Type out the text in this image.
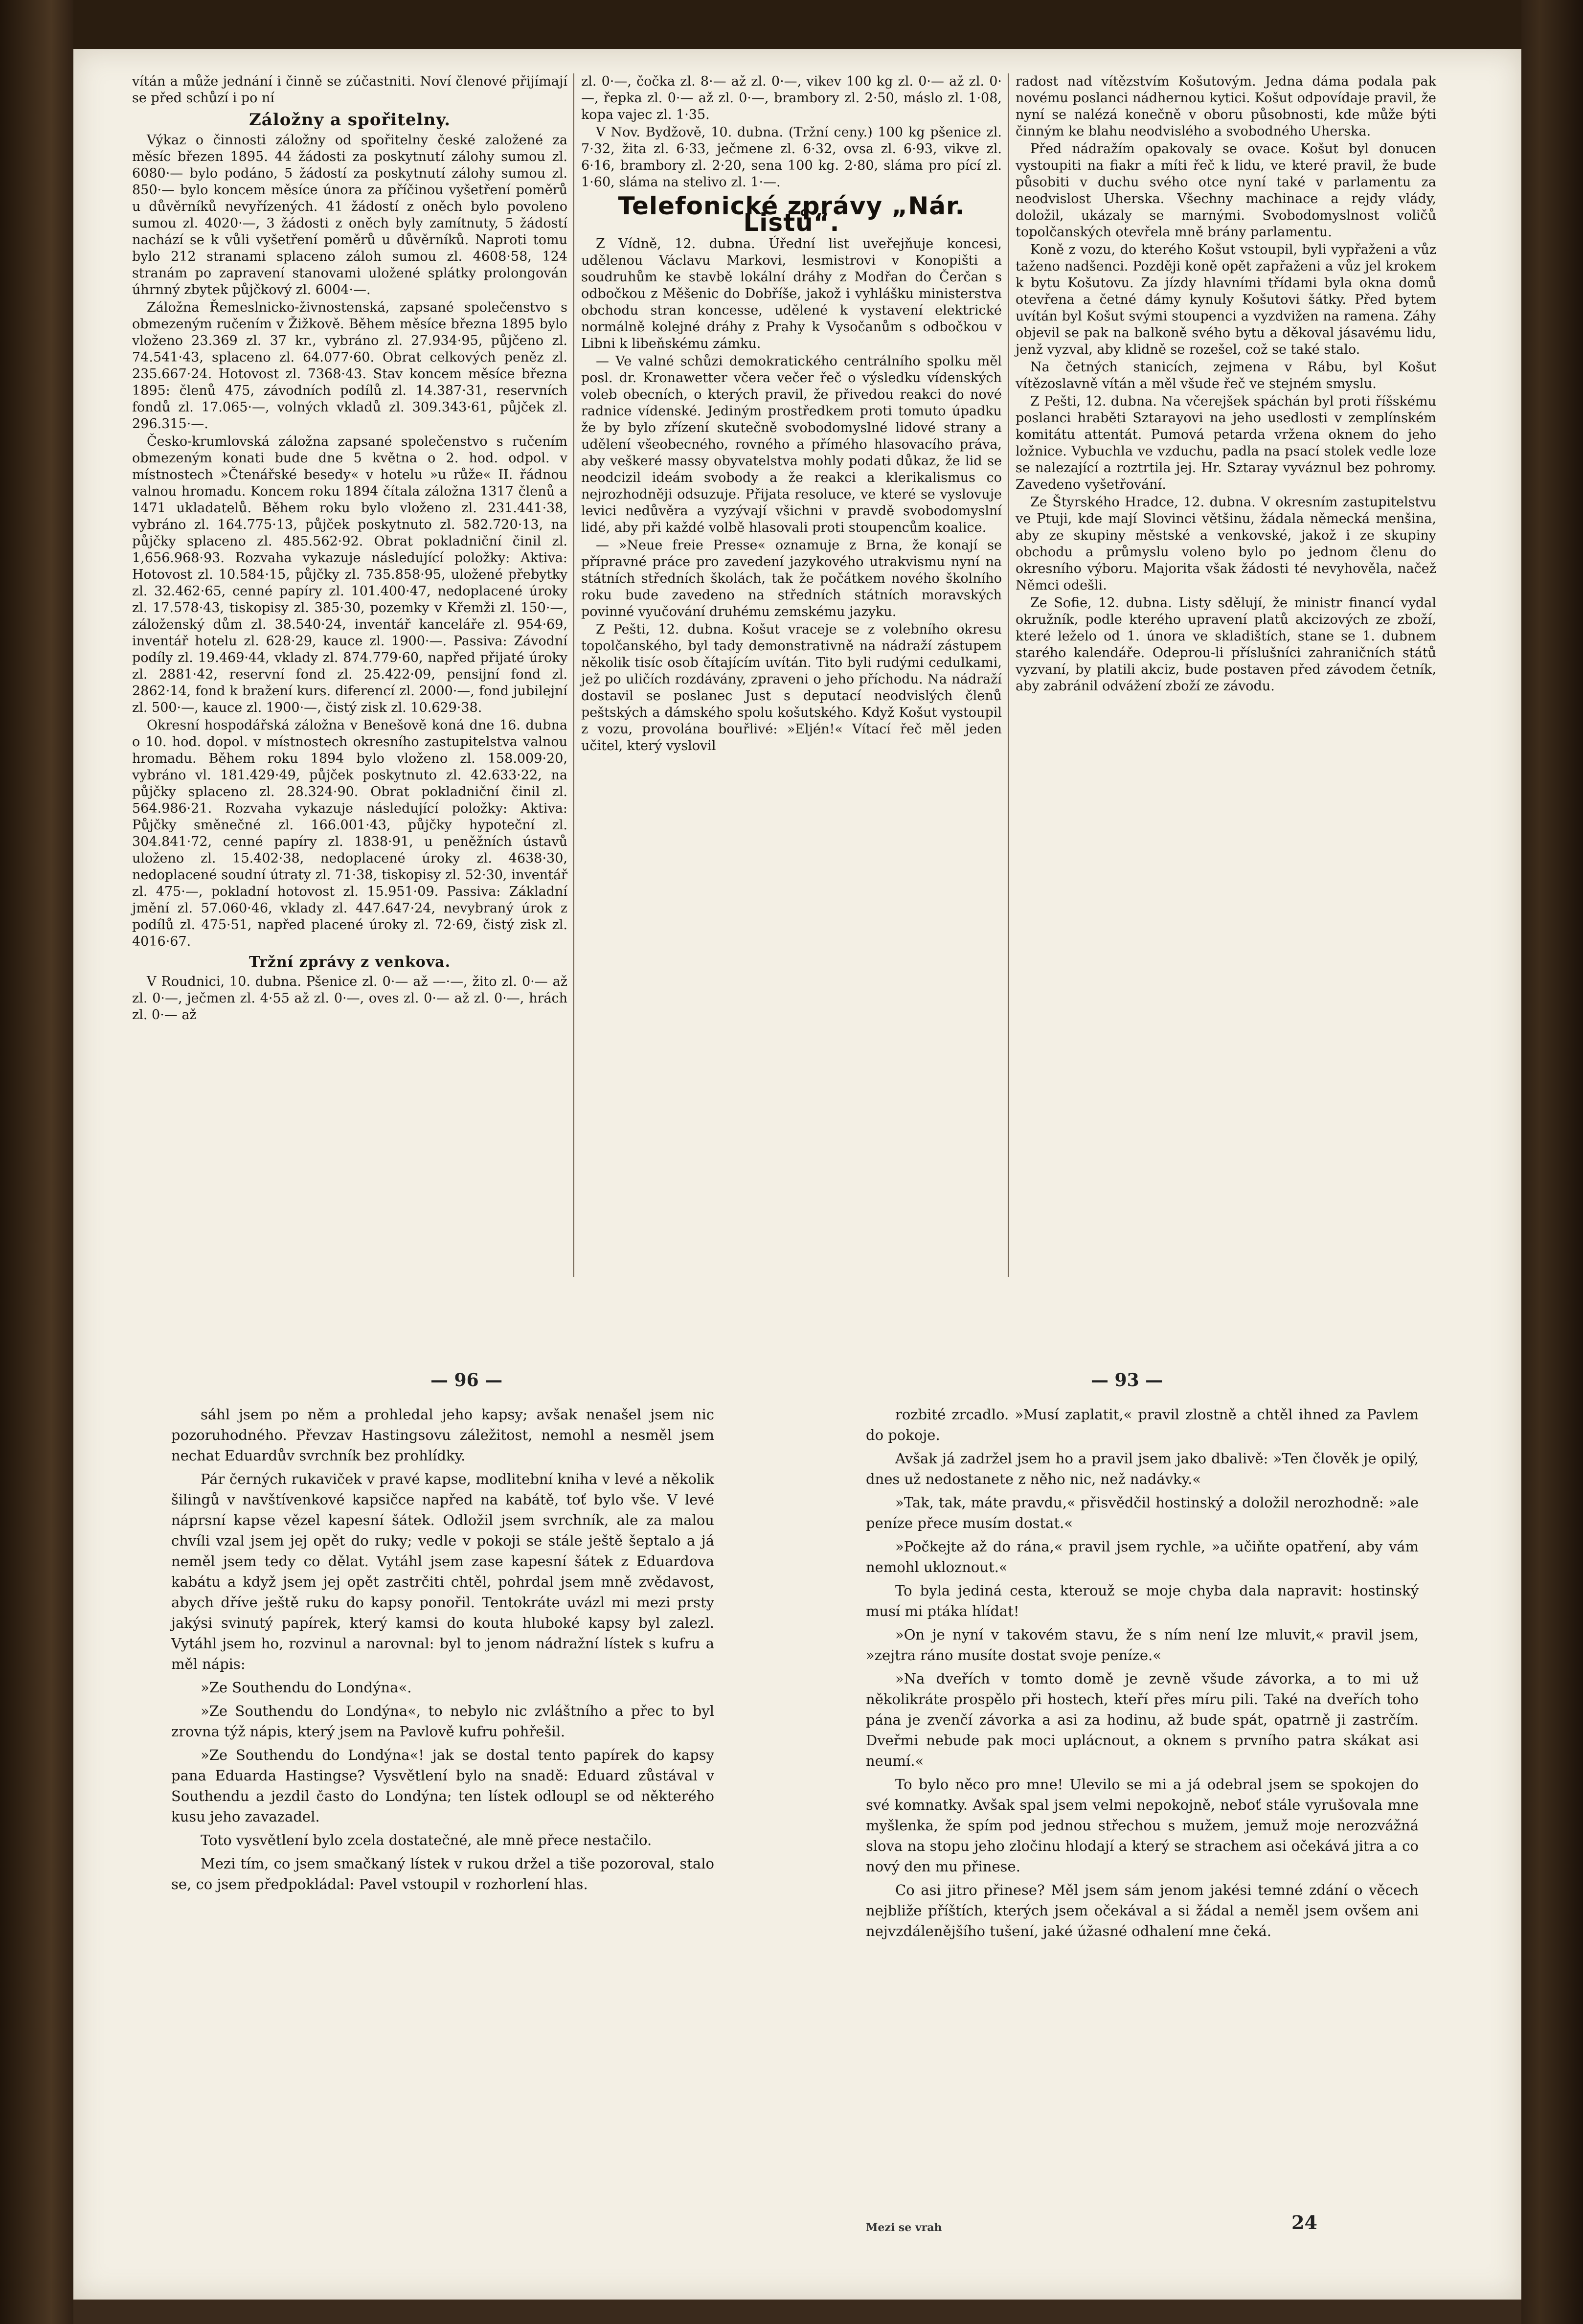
vítán a může jednání i činně se zúčastniti. Noví členové přijímají se před schůzí i po ní

Záložny a spořitelny.

Výkaz o činnosti záložny od spořitelny české založené za měsíc březen 1895. 44 žádosti za poskytnutí zálohy sumou zl. 6080·— bylo podáno, 5 žádostí za poskytnutí zálohy sumou zl. 850·— bylo koncem měsíce února za příčinou vyšetření poměrů u důvěrníků nevyřízených. 41 žádostí z oněch bylo povoleno sumou zl. 4020·—, 3 žádosti z oněch byly zamítnuty, 5 žádostí nachází se k vůli vyšetření poměrů u důvěrníků. Naproti tomu bylo 212 stranami splaceno záloh sumou zl. 4608·58, 124 stranám po zapravení stanovami uložené splátky prolongován úhrnný zbytek půjčkový zl. 6004·—.

Záložna Řemeslnicko-živnostenská, zapsané společenstvo s obmezeným ručením v Žižkově. Během měsíce března 1895 bylo vloženo 23.369 zl. 37 kr., vybráno zl. 27.934·95, půjčeno zl. 74.541·43, splaceno zl. 64.077·60. Obrat celkových peněz zl. 235.667·24. Hotovost zl. 7368·43. Stav koncem měsíce března 1895: členů 475, závodních podílů zl. 14.387·31, reservních fondů zl. 17.065·—, volných vkladů zl. 309.343·61, půjček zl. 296.315·—.

Česko-krumlovská záložna zapsané společenstvo s ručením obmezeným konati bude dne 5 května o 2. hod. odpol. v místnostech »Čtenářské besedy« v hotelu »u růže« II. řádnou valnou hromadu. Koncem roku 1894 čítala záložna 1317 členů a 1471 ukladatelů. Během roku bylo vloženo zl. 231.441·38, vybráno zl. 164.775·13, půjček poskytnuto zl. 582.720·13, na půjčky splaceno zl. 485.562·92. Obrat pokladniční činil zl. 1,656.968·93. Rozvaha vykazuje následující položky: Aktiva: Hotovost zl. 10.584·15, půjčky zl. 735.858·95, uložené přebytky zl. 32.462·65, cenné papíry zl. 101.400·47, nedoplacené úroky zl. 17.578·43, tiskopisy zl. 385·30, pozemky v Křemži zl. 150·—, záloženský dům zl. 38.540·24, inventář kanceláře zl. 954·69, inventář hotelu zl. 628·29, kauce zl. 1900·—. Passiva: Závodní podíly zl. 19.469·44, vklady zl. 874.779·60, napřed přijaté úroky zl. 2881·42, reservní fond zl. 25.422·09, pensijní fond zl. 2862·14, fond k bražení kurs. diferencí zl. 2000·—, fond jubilejní zl. 500·—, kauce zl. 1900·—, čistý zisk zl. 10.629·38.

Okresní hospodářská záložna v Benešově koná dne 16. dubna o 10. hod. dopol. v místnostech okresního zastupitelstva valnou hromadu. Během roku 1894 bylo vloženo zl. 158.009·20, vybráno vl. 181.429·49, půjček poskytnuto zl. 42.633·22, na půjčky splaceno zl. 28.324·90. Obrat pokladniční činil zl. 564.986·21. Rozvaha vykazuje následující položky: Aktiva: Půjčky směnečné zl. 166.001·43, půjčky hypoteční zl. 304.841·72, cenné papíry zl. 1838·91, u peněžních ústavů uloženo zl. 15.402·38, nedoplacené úroky zl. 4638·30, nedoplacené soudní útraty zl. 71·38, tiskopisy zl. 52·30, inventář zl. 475·—, pokladní hotovost zl. 15.951·09. Passiva: Základní jmění zl. 57.060·46, vklady zl. 447.647·24, nevybraný úrok z podílů zl. 475·51, napřed placené úroky zl. 72·69, čistý zisk zl. 4016·67.

Tržní zprávy z venkova.

V Roudnici, 10. dubna. Pšenice zl. 0·— až —·—, žito zl. 0·— až zl. 0·—, ječmen zl. 4·55 až zl. 0·—, oves zl. 0·— až zl. 0·—, hrách zl. 0·— až

zl. 0·—, čočka zl. 8·— až zl. 0·—, vikev 100 kg zl. 0·— až zl. 0·—, řepka zl. 0·— až zl. 0·—, brambory zl. 2·50, máslo zl. 1·08, kopa vajec zl. 1·35.

V Nov. Bydžově, 10. dubna. (Tržní ceny.) 100 kg pšenice zl. 7·32, žita zl. 6·33, ječmene zl. 6·32, ovsa zl. 6·93, vikve zl. 6·16, brambory zl. 2·20, sena 100 kg. 2·80, sláma pro pící zl. 1·60, sláma na stelivo zl. 1·—.

Telefonické zprávy „Nár. Listů“.

Z Vídně, 12. dubna. Úřední list uveřejňuje koncesi, udělenou Václavu Markovi, lesmistrovi v Konopišti a soudruhům ke stavbě lokální dráhy z Modřan do Čerčan s odbočkou z Měšenic do Dobříše, jakož i vyhlášku ministerstva obchodu stran koncesse, udělené k vystavení elektrické normálně kolejné dráhy z Prahy k Vysočanům s odbočkou v Libni k libeňskému zámku.

— Ve valné schůzi demokratického centrálního spolku měl posl. dr. Kronawetter včera večer řeč o výsledku vídenských voleb obecních, o kterých pravil, že přivedou reakci do nové radnice vídenské. Jediným prostředkem proti tomuto úpadku že by bylo zřízení skutečně svobodomyslné lidové strany a udělení všeobecného, rovného a přímého hlasovacího práva, aby veškeré massy obyvatelstva mohly podati důkaz, že lid se neodcizil ideám svobody a že reakci a klerikalismus co nejrozhodněji odsuzuje. Přijata resoluce, ve které se vyslovuje levici nedůvěra a vyzývají všichni v pravdě svobodomyslní lidé, aby při každé volbě hlasovali proti stoupencům koalice.

— »Neue freie Presse« oznamuje z Brna, že konají se přípravné práce pro zavedení jazykového utrakvismu nyní na státních středních školách, tak že počátkem nového školního roku bude zavedeno na středních státních moravských povinné vyučování druhému zemskému jazyku.

Z Pešti, 12. dubna. Košut vraceje se z volebního okresu topolčanského, byl tady demonstrativně na nádraží zástupem několik tisíc osob čítajícím uvítán. Tito byli rudými cedulkami, jež po uličích rozdávány, zpraveni o jeho příchodu. Na nádraží dostavil se poslanec Just s deputací neodvislých členů peštských a dámského spolu košutského. Když Košut vystoupil z vozu, provolána bouřlivé: »Eljén!« Vítací řeč měl jeden učitel, který vyslovil

radost nad vítězstvím Košutovým. Jedna dáma podala pak novému poslanci nádhernou kytici. Košut odpovídaje pravil, že nyní se nalézá konečně v oboru působnosti, kde může býti činným ke blahu neodvislého a svobodného Uherska.

Před nádražím opakovaly se ovace. Košut byl donucen vystoupiti na fiakr a míti řeč k lidu, ve které pravil, že bude působiti v duchu svého otce nyní také v parlamentu za neodvislost Uherska. Všechny machinace a rejdy vlády, doložil, ukázaly se marnými. Svobodomyslnost voličů topolčanských otevřela mně brány parlamentu.

Koně z vozu, do kterého Košut vstoupil, byli vypřaženi a vůz taženo nadšenci. Později koně opět zapřaženi a vůz jel krokem k bytu Košutovu. Za jízdy hlavními třídami byla okna domů otevřena a četné dámy kynuly Košutovi šátky. Před bytem uvítán byl Košut svými stoupenci a vyzdvižen na ramena. Záhy objevil se pak na balkoně svého bytu a děkoval jásavému lidu, jenž vyzval, aby klidně se rozešel, což se také stalo.

Na četných stanicích, zejmena v Rábu, byl Košut vítězoslavně vítán a měl všude řeč ve stejném smyslu.

Z Pešti, 12. dubna. Na včerejšek spáchán byl proti říšskému poslanci hraběti Sztarayovi na jeho usedlosti v zemplínském komitátu attentát. Pumová petarda vržena oknem do jeho ložnice. Vybuchla ve vzduchu, padla na psací stolek vedle loze se nalezající a roztrtila jej. Hr. Sztaray vyváznul bez pohromy. Zavedeno vyšetřování.

Ze Štyrského Hradce, 12. dubna. V okresním zastupitelstvu ve Ptuji, kde mají Slovinci většinu, žádala německá menšina, aby ze skupiny městské a venkovské, jakož i ze skupiny obchodu a průmyslu voleno bylo po jednom členu do okresního výboru. Majorita však žádosti té nevyhověla, načež Němci odešli.

Ze Sofie, 12. dubna. Listy sdělují, že ministr financí vydal okružník, podle kterého upravení platů akcizových ze zboží, které leželo od 1. února ve skladištích, stane se 1. dubnem starého kalendáře. Odeprou-li příslušníci zahraničních států vyzvaní, by platili akciz, bude postaven před závodem četník, aby zabránil odvážení zboží ze závodu.

— 96 —	— 93 —

sáhl jsem po něm a prohledal jeho kapsy; avšak nenašel jsem nic pozoruhodného. Převzav Hastingsovu záležitost, nemohl a nesměl jsem nechat Eduardův svrchník bez prohlídky.

Pár černých rukaviček v pravé kapse, modlitební kniha v levé a několik šilingů v navštívenkové kapsičce napřed na kabátě, toť bylo vše. V levé náprsní kapse vězel kapesní šátek. Odložil jsem svrchník, ale za malou chvíli vzal jsem jej opět do ruky; vedle v pokoji se stále ještě šeptalo a já neměl jsem tedy co dělat. Vytáhl jsem zase kapesní šátek z Eduardova kabátu a když jsem jej opět zastrčiti chtěl, pohrdal jsem mně zvědavost, abych dříve ještě ruku do kapsy ponořil. Tentokráte uvázl mi mezi prsty jakýsi svinutý papírek, který kamsi do kouta hluboké kapsy byl zalezl. Vytáhl jsem ho, rozvinul a narovnal: byl to jenom nádražní lístek s kufru a měl nápis:

»Ze Southendu do Londýna«.

»Ze Southendu do Londýna«, to nebylo nic zvláštního a přec to byl zrovna týž nápis, který jsem na Pavlově kufru pohřešil.

»Ze Southendu do Londýna«! jak se dostal tento papírek do kapsy pana Eduarda Hastingse? Vysvětlení bylo na snadě: Eduard zůstával v Southendu a jezdil často do Londýna; ten lístek odloupl se od některého kusu jeho zavazadel.

Toto vysvětlení bylo zcela dostatečné, ale mně přece nestačilo.

Mezi tím, co jsem smačkaný lístek v rukou držel a tiše pozoroval, stalo se, co jsem předpokládal: Pavel vstoupil v rozhorlení hlas.

rozbité zrcadlo. »Musí zaplatit,« pravil zlostně a chtěl ihned za Pavlem do pokoje.

Avšak já zadržel jsem ho a pravil jsem jako dbalivě: »Ten člověk je opilý, dnes už nedostanete z něho nic, než nadávky.«

»Tak, tak, máte pravdu,« přisvědčil hostinský a doložil nerozhodně: »ale peníze přece musím dostat.«

»Počkejte až do rána,« pravil jsem rychle, »a učiňte opatření, aby vám nemohl ukloznout.«

To byla jediná cesta, kterouž se moje chyba dala napravit: hostinský musí mi ptáka hlídat!

»On je nyní v takovém stavu, že s ním není lze mluvit,« pravil jsem, »zejtra ráno musíte dostat svoje peníze.«

»Na dveřích v tomto domě je zevně všude závorka, a to mi už několikráte prospělo při hostech, kteří přes míru pili. Také na dveřích toho pána je zvenčí závorka a asi za hodinu, až bude spát, opatrně ji zastrčím. Dveřmi nebude pak moci uplácnout, a oknem s prvního patra skákat asi neumí.«

To bylo něco pro mne! Ulevilo se mi a já odebral jsem se spokojen do své komnatky. Avšak spal jsem velmi nepokojně, neboť stále vyrušovala mne myšlenka, že spím pod jednou střechou s mužem, jemuž moje nerozvážná slova na stopu jeho zločinu hlodají a který se strachem asi očekává jitra a co nový den mu přinese.

Co asi jitro přinese? Měl jsem sám jenom jakési temné zdání o věcech nejbliže příštích, kterých jsem očekával a si žádal a neměl jsem ovšem ani nejvzdálenějšího tušení, jaké úžasné odhalení mne čeká.

Mezi se vrah	24
